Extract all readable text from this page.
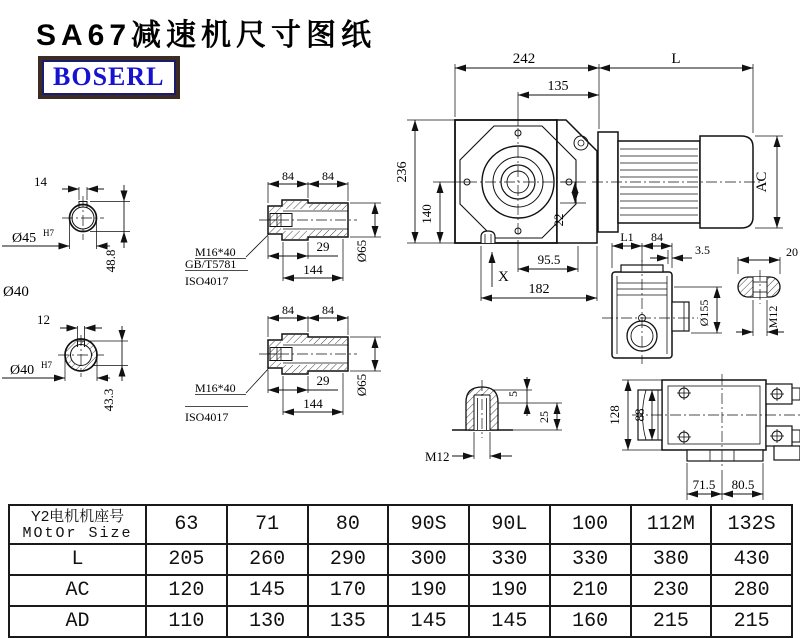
SA67减速机尺寸图纸
BOSERL
14
48.8
Ø45 H7
Ø40
12
43.3
Ø40 H7
84 84
29
144
Ø65
M16*40
GB/T5781
ISO4017
84 84
29
144
Ø65
M16*40
ISO4017
242	L
135
236
140	22
95.5
182
X
AC
L1 84
3.5
Ø155
20
M12
5
25
M12
128 88
71.5 80.5
Y2电机机座号
MOtOr Size	63	71	80	90S	90L	100	112M	132S
L	205	260	290	300	330	330	380	430
AC	120	145	170	190	190	210	230	280
AD	110	130	135	145	145	160	215	215
